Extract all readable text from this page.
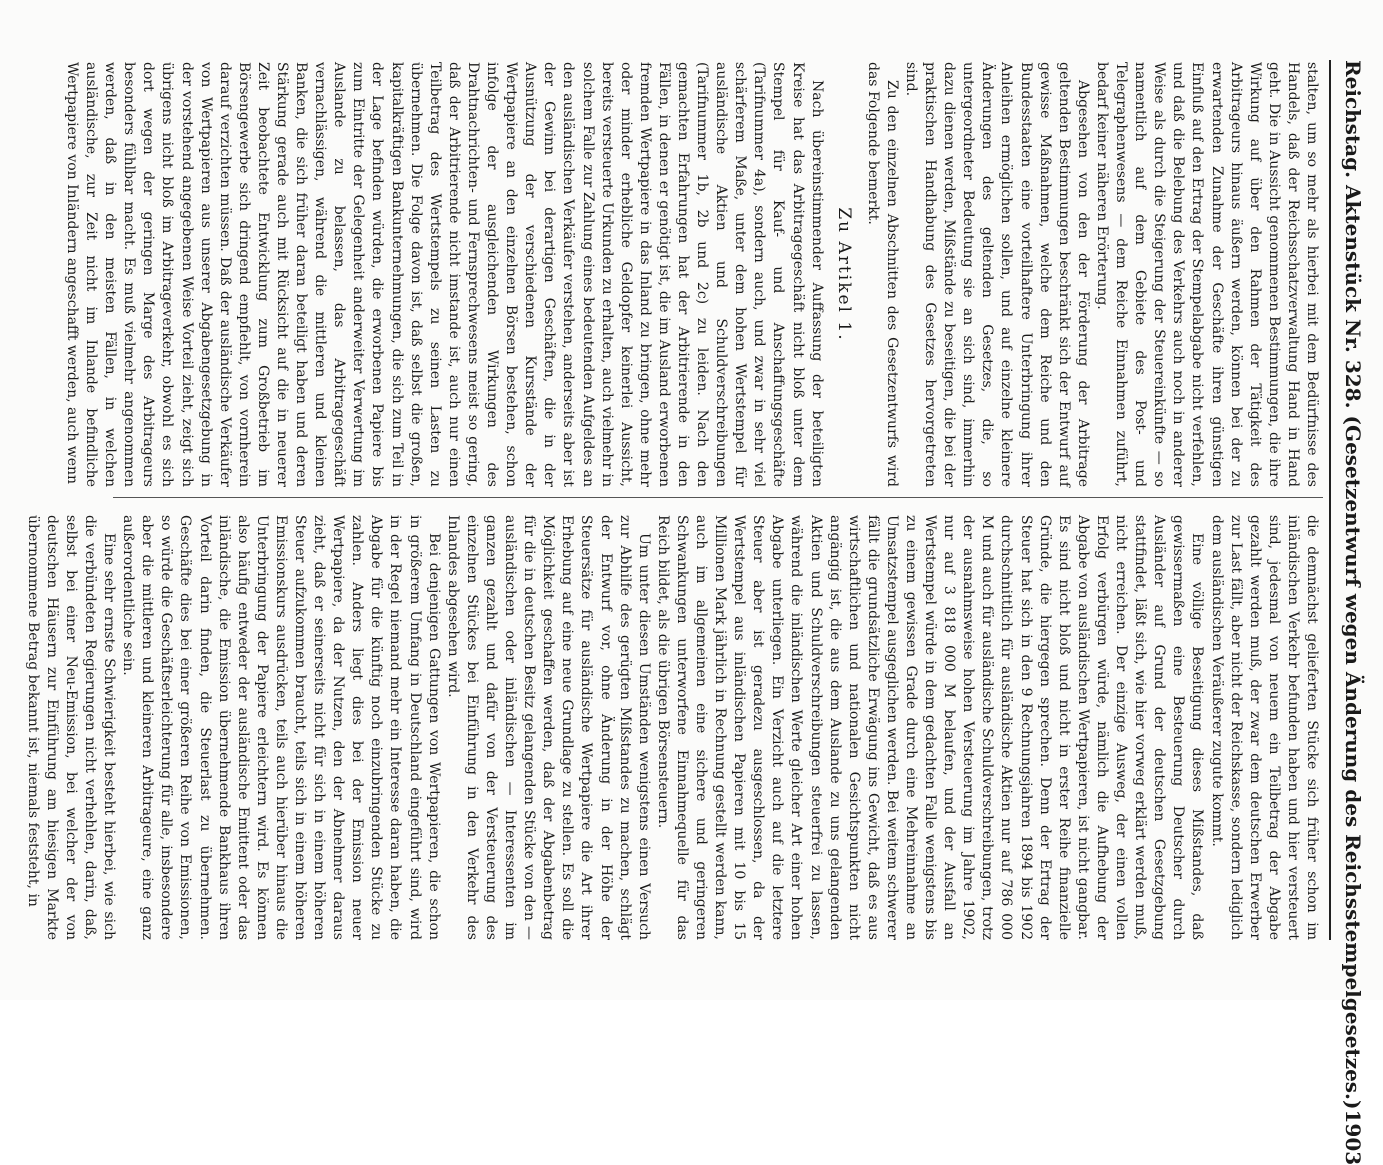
Reichstag. Aktenstück Nr. 328. (Gesetzentwurf wegen Änderung des Reichsstempelgesetzes.)
1903

stalten, um so mehr als hierbei mit dem Bedürfnisse des Handels, daß der Reichsschatzverwaltung Hand in Hand geht. Die in Aussicht genommenen Bestimmungen, die ihre Wirkung auf über den Rahmen der Tätigkeit des Arbitrageurs hinaus äußern werden, können bei der zu erwartenden Zunahme der Geschäfte ihren günstigen Einfluß auf den Ertrag der Stempelabgabe nicht verfehlen, und daß die Belebung des Verkehrs auch noch in anderer Weise als durch die Steigerung der Steuereinkünfte — so namentlich auf dem Gebiete des Post- und Telegraphenwesens — dem Reiche Einnahmen zuführt, bedarf keiner näheren Erörterung.

Abgesehen von den der Förderung der Arbitrage geltenden Bestimmungen beschränkt sich der Entwurf auf gewisse Maßnahmen, welche dem Reiche und den Bundesstaaten eine vorteilhaftere Unterbringung ihrer Anleihen ermöglichen sollen, und auf einzelne kleinere Änderungen des geltenden Gesetzes, die, so untergeordneter Bedeutung sie an sich sind, immerhin dazu dienen werden, Mißstände zu beseitigen, die bei der praktischen Handhabung des Gesetzes hervorgetreten sind.

Zu den einzelnen Abschnitten des Gesetzentwurfs wird das Folgende bemerkt.

Zu Artikel 1.

Nach übereinstimmender Auffassung der beteiligten Kreise hat das Arbitragegeschäft nicht bloß unter dem Stempel für Kauf- und Anschaffungsgeschäfte (Tarifnummer 4a), sondern auch, und zwar in sehr viel schärferem Maße, unter dem hohen Wertstempel für ausländische Aktien und Schuldverschreibungen (Tarifnummer 1b, 2b und 2c) zu leiden. Nach den gemachten Erfahrungen hat der Arbitrierende in den Fällen, in denen er genötigt ist, die im Ausland erworbenen fremden Wertpapiere in das Inland zu bringen, ohne mehr oder minder erhebliche Geldopfer keinerlei Aussicht, bereits versteuerte Urkunden zu erhalten, auch vielmehr in solchem Falle zur Zahlung eines bedeutenden Aufgeldes an den ausländischen Verkäufer verstehen, anderseits aber ist der Gewinn bei derartigen Geschäften, die in der Ausnützung der verschiedenen Kursstände der Wertpapiere an den einzelnen Börsen bestehen, schon infolge der ausgleichenden Wirkungen des Drahtnachrichten- und Fernsprechwesens meist so gering, daß der Arbitrierende nicht imstande ist, auch nur einen Teilbetrag des Wertstempels zu seinen Lasten zu übernehmen. Die Folge davon ist, daß selbst die großen, kapitalkräftigen Bankunternehmungen, die sich zum Teil in der Lage befinden würden, die erworbenen Papiere bis zum Eintritte der Gelegenheit anderweiter Verwertung im Auslande zu belassen, das Arbitragegeschäft vernachlässigen, während die mittleren und kleinen Banken, die sich früher daran beteiligt haben und deren Stärkung gerade auch mit Rücksicht auf die in neuerer Zeit beobachtete Entwicklung zum Großbetrieb im Börsengewerbe sich dringend empfiehlt, von vornherein darauf verzichten müssen. Daß der ausländische Verkäufer von Wertpapieren aus unserer Abgabengesetzgebung in der vorstehend angegebenen Weise Vorteil zieht, zeigt sich übrigens nicht bloß im Arbitrageverkehr, obwohl es sich dort wegen der geringen Marge des Arbitrageurs besonders fühlbar macht. Es muß vielmehr angenommen werden, daß in den meisten Fällen, in welchen ausländische, zur Zeit nicht im Inlande befindliche Wertpapiere von Inländern angeschafft werden, auch wenn

die demnächst gelieferten Stücke sich früher schon im inländischen Verkehr befunden haben und hier versteuert sind, jedesmal von neuem ein Teilbetrag der Abgabe gezahlt werden muß, der zwar dem deutschen Erwerber zur Last fällt, aber nicht der Reichskasse, sondern lediglich dem ausländischen Veräußerer zugute kommt.

Eine völlige Beseitigung dieses Mißstandes, daß gewissermaßen eine Besteuerung Deutscher durch Ausländer auf Grund der deutschen Gesetzgebung stattfindet, läßt sich, wie hier vorweg erklärt werden muß, nicht erreichen. Der einzige Ausweg, der einen vollen Erfolg verbürgen würde, nämlich die Aufhebung der Abgabe von ausländischen Wertpapieren, ist nicht gangbar. Es sind nicht bloß und nicht in erster Reihe finanzielle Gründe, die hiergegen sprechen. Denn der Ertrag der Steuer hat sich in den 9 Rechnungsjahren 1894 bis 1902 durchschnittlich für ausländische Aktien nur auf 786 000 M und auch für ausländische Schuldverschreibungen, trotz der ausnahmsweise hohen Versteuerung im Jahre 1902, nur auf 3 818 000 M belaufen, und der Ausfall an Wertstempel würde in dem gedachten Falle wenigstens bis zu einem gewissen Grade durch eine Mehreinnahme an Umsatzstempel ausgeglichen werden. Bei weitem schwerer fällt die grundsätzliche Erwägung ins Gewicht, daß es aus wirtschaftlichen und nationalen Gesichtspunkten nicht angängig ist, die aus dem Auslande zu uns gelangenden Aktien und Schuldverschreibungen steuerfrei zu lassen, während die inländischen Werte gleicher Art einer hohen Abgabe unterliegen. Ein Verzicht auch auf die letztere Steuer aber ist geradezu ausgeschlossen, da der Wertstempel aus inländischen Papieren mit 10 bis 15 Millionen Mark jährlich in Rechnung gestellt werden kann, auch im allgemeinen eine sichere und geringeren Schwankungen unterworfene Einnahmequelle für das Reich bildet, als die übrigen Börsensteuern.

Um unter diesen Umständen wenigstens einen Versuch zur Abhilfe des gerügten Mißstandes zu machen, schlägt der Entwurf vor, ohne Änderung in der Höhe der Steuersätze für ausländische Wertpapiere die Art ihrer Erhebung auf eine neue Grundlage zu stellen. Es soll die Möglichkeit geschaffen werden, daß der Abgabenbetrag für die in deutschen Besitz gelangenden Stücke von den — ausländischen oder inländischen — Interessenten im ganzen gezahlt und dafür von der Versteuerung des einzelnen Stückes bei Einführung in den Verkehr des Inlandes abgesehen wird.

Bei denjenigen Gattungen von Wertpapieren, die schon in größerem Umfang in Deutschland eingeführt sind, wird in der Regel niemand mehr ein Interesse daran haben, die Abgabe für die künftig noch einzubringenden Stücke zu zahlen. Anders liegt dies bei der Emission neuer Wertpapiere, da der Nutzen, den der Abnehmer daraus zieht, daß er seinerseits nicht für sich in einem höheren Steuer aufzukommen braucht, teils sich in einem höheren Emissionskurs ausdrücken, teils auch hierüber hinaus die Unterbringung der Papiere erleichtern wird. Es können also häufig entweder der ausländische Emittent oder das inländische, die Emission übernehmende Bankhaus ihren Vorteil darin finden, die Steuerlast zu übernehmen. Geschäfte dies bei einer größeren Reihe von Emissionen, so würde die Geschäftserleichterung für alle, insbesondere aber die mittleren und kleineren Arbitrageure, eine ganz außerordentliche sein.

Eine sehr ernste Schwierigkeit besteht hierbei, wie sich die verbündeten Regierungen nicht verhehlen, darin, daß, selbst bei einer Neu-Emission, bei welcher der von deutschen Häusern zur Einführung am hiesigen Markte übernommene Betrag bekannt ist, niemals feststeht, in
